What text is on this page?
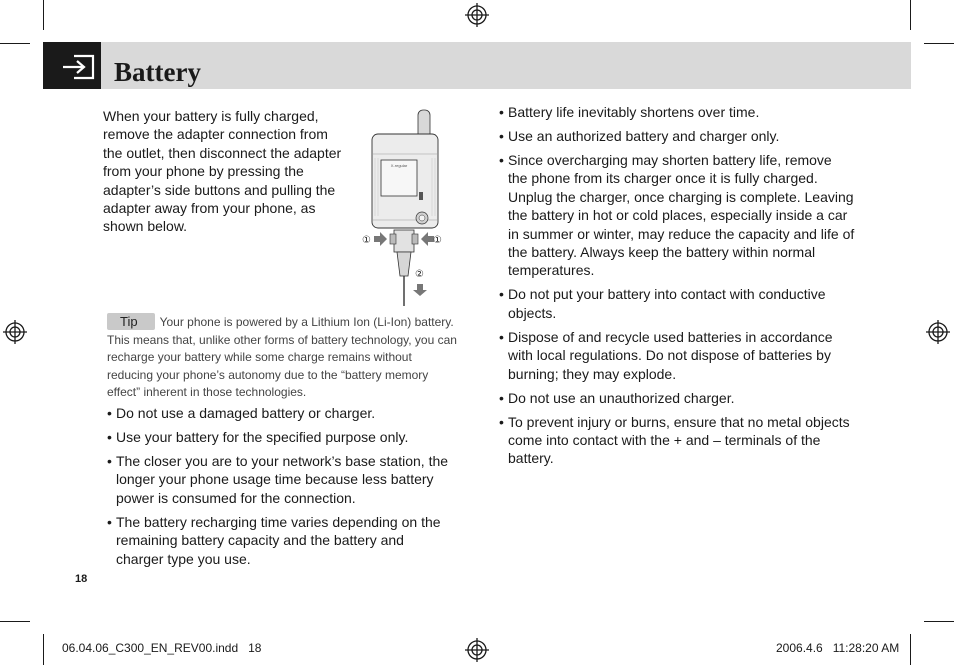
Battery

When your battery is fully charged, remove the adapter connection from the outlet, then disconnect the adapter from your phone by pressing the adapter’s side buttons and pulling the adapter away from your phone, as shown below.

X-regular
①	①
②

Tip Your phone is powered by a Lithium Ion (Li-Ion) battery. This means that, unlike other forms of battery technology, you can recharge your battery while some charge remains without reducing your phone’s autonomy due to the “battery memory effect” inherent in those technologies.

• Do not use a damaged battery or charger.
• Use your battery for the specified purpose only.
• The closer you are to your network’s base station, the longer your phone usage time because less battery power is consumed for the connection.
• The battery recharging time varies depending on the remaining battery capacity and the battery and charger type you use.
• Battery life inevitably shortens over time.
• Use an authorized battery and charger only.
• Since overcharging may shorten battery life, remove the phone from its charger once it is fully charged. Unplug the charger, once charging is complete. Leaving the battery in hot or cold places, especially inside a car in summer or winter, may reduce the capacity and life of the battery. Always keep the battery within normal temperatures.
• Do not put your battery into contact with conductive objects.
• Dispose of and recycle used batteries in accordance with local regulations. Do not dispose of batteries by burning; they may explode.
• Do not use an unauthorized charger.
• To prevent injury or burns, ensure that no metal objects come into contact with the + and – terminals of the battery.
18
06.04.06_C300_EN_REV00.indd   18	2006.4.6   11:28:20 AM
